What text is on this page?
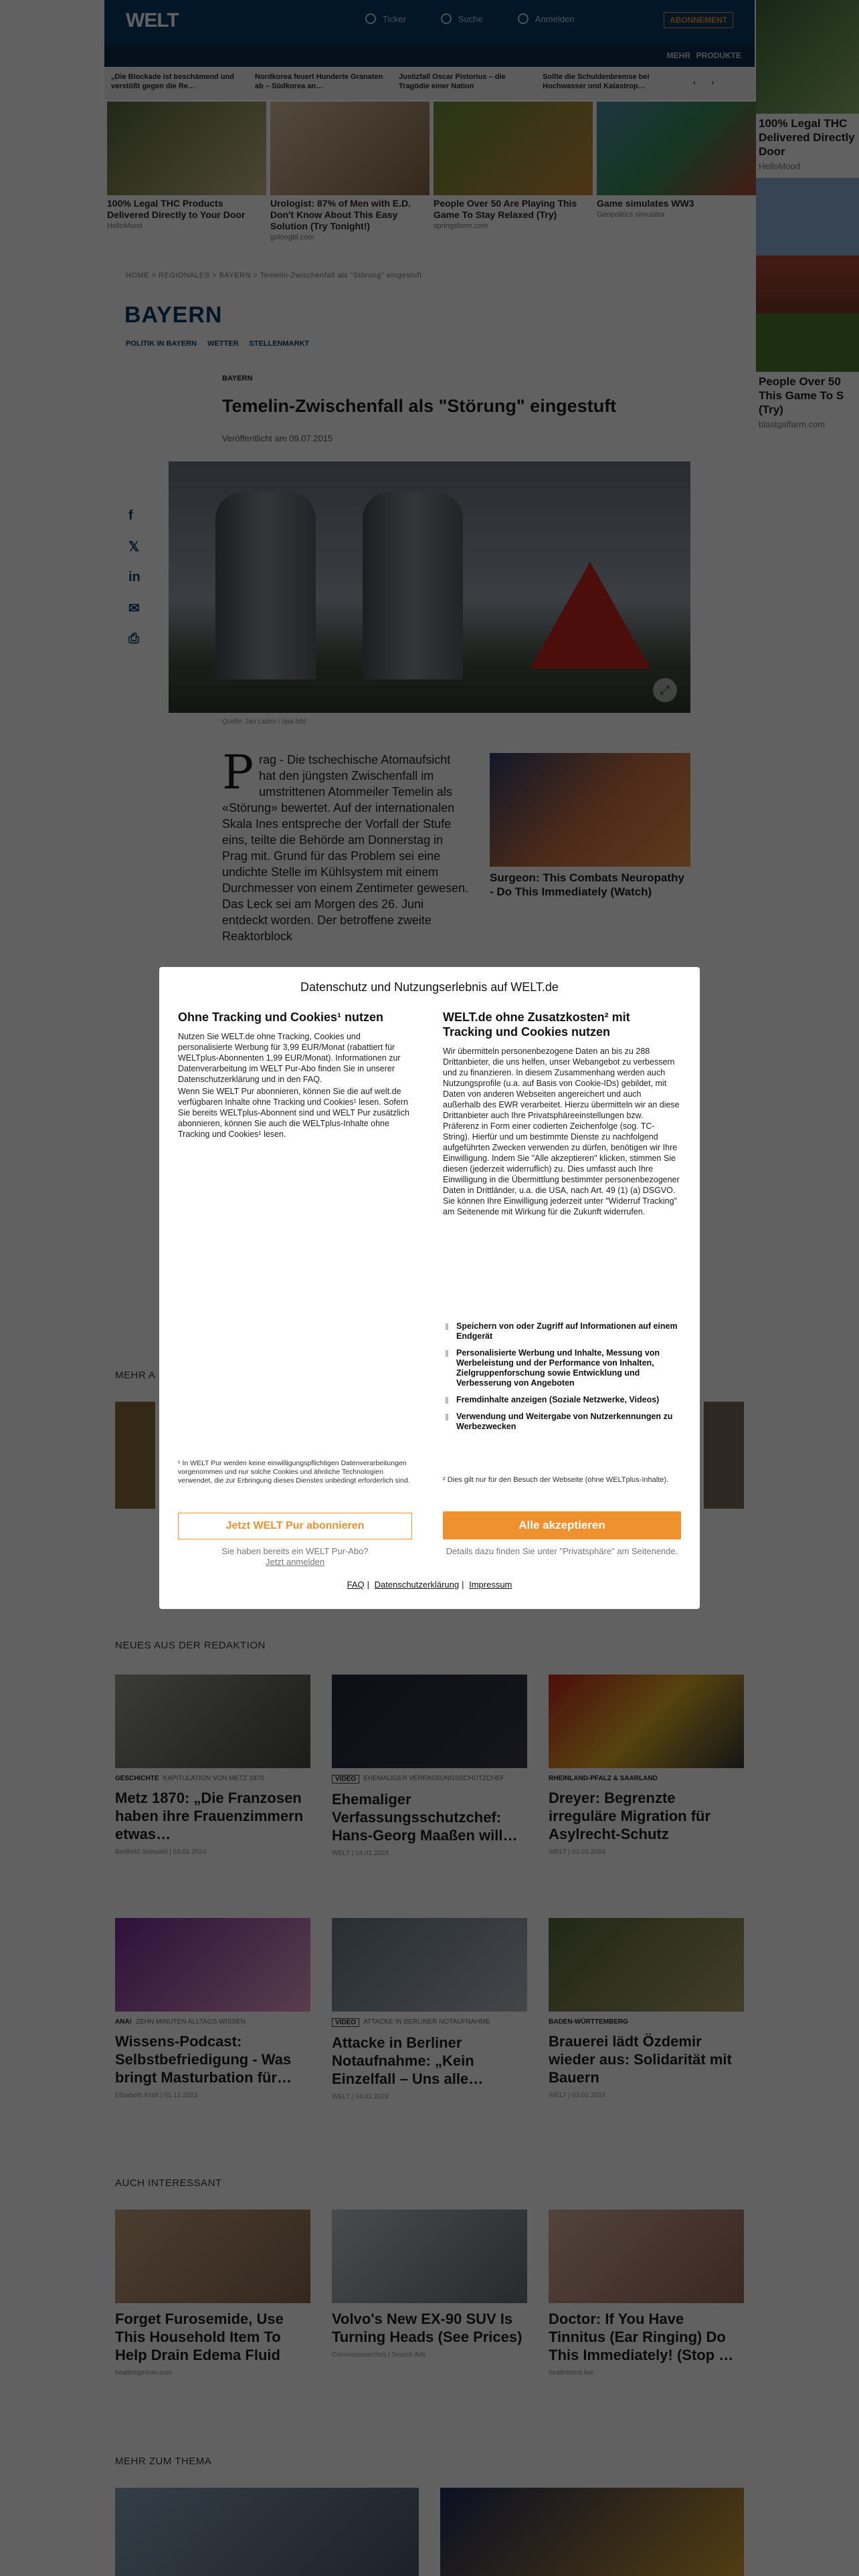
Datenschutz und Nutzungserlebnis auf WELT.de
Ohne Tracking und Cookies¹ nutzen

Nutzen Sie WELT.de ohne Tracking, Cookies und personalisierte Werbung für 3,99 EUR/Monat (rabattiert für WELTplus-Abonnenten 1,99 EUR/Monat). Informationen zur Datenverarbeitung im WELT Pur-Abo finden Sie in unserer Datenschutzerklärung und in den FAQ.

Wenn Sie WELT Pur abonnieren, können Sie die auf welt.de verfügbaren Inhalte ohne Tracking und Cookies¹ lesen. Sofern Sie bereits WELTplus-Abonnent sind und WELT Pur zusätzlich abonnieren, können Sie auch die WELTplus-Inhalte ohne Tracking und Cookies¹ lesen.

¹ In WELT Pur werden keine einwilligungspflichtigen Datenverarbeitungen vorgenommen und nur solche Cookies und ähnliche Technologien verwendet, die zur Erbringung dieses Dienstes unbedingt erforderlich sind.
Jetzt WELT Pur abonnieren
Sie haben bereits ein WELT Pur-Abo?
Jetzt anmelden
WELT.de ohne Zusatzkosten² mit Tracking und Cookies nutzen

Wir übermitteln personenbezogene Daten an bis zu 288 Drittanbieter, die uns helfen, unser Webangebot zu verbessern und zu finanzieren. In diesem Zusammenhang werden auch Nutzungsprofile (u.a. auf Basis von Cookie-IDs) gebildet, mit Daten von anderen Webseiten angereichert und auch außerhalb des EWR verarbeitet. Hierzu übermitteln wir an diese Drittanbieter auch Ihre Privatsphäreeinstellungen bzw. Präferenz in Form einer codierten Zeichenfolge (sog. TC-String). Hierfür und um bestimmte Dienste zu nachfolgend aufgeführten Zwecken verwenden zu dürfen, benötigen wir Ihre Einwilligung. Indem Sie "Alle akzeptieren" klicken, stimmen Sie diesen (jederzeit widerruflich) zu. Dies umfasst auch Ihre Einwilligung in die Übermittlung bestimmter personenbezogener Daten in Drittländer, u.a. die USA, nach Art. 49 (1) (a) DSGVO. Sie können Ihre Einwilligung jederzeit unter "Widerruf Tracking" am Seitenende mit Wirkung für die Zukunft widerrufen.

Speichern von oder Zugriff auf Informationen auf einem Endgerät
Personalisierte Werbung und Inhalte, Messung von Werbeleistung und der Performance von Inhalten, Zielgruppenforschung sowie Entwicklung und Verbesserung von Angeboten
Fremdinhalte anzeigen (Soziale Netzwerke, Videos)
Verwendung und Weitergabe von Nutzerkennungen zu Werbezwecken
² Dies gilt nur für den Besuch der Webseite (ohne WELTplus-Inhalte).
Alle akzeptieren
Details dazu finden Sie unter "Privatsphäre" am Seitenende.
FAQ | Datenschutzerklärung | Impressum
